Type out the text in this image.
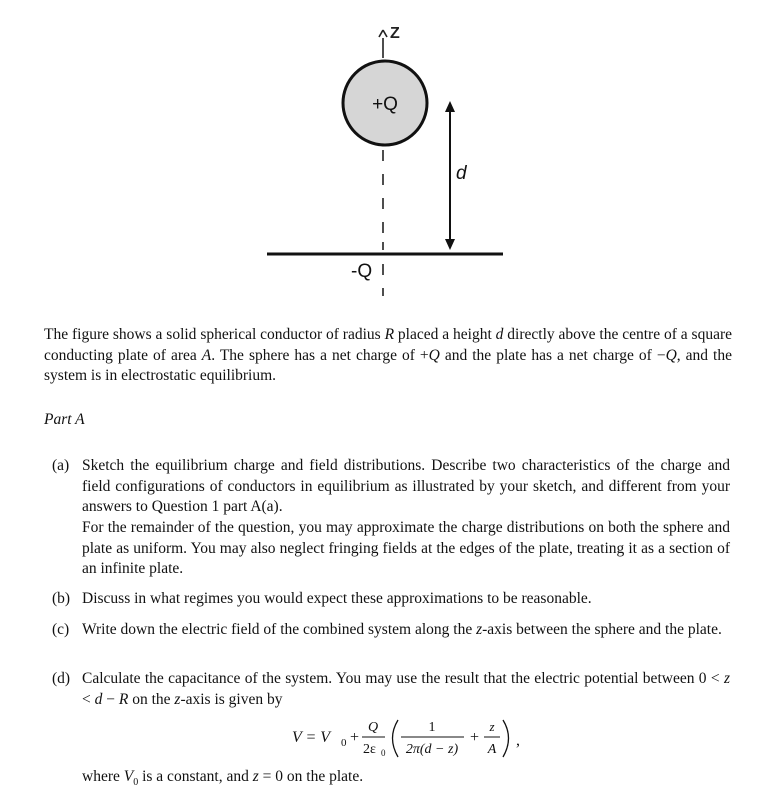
Z
+Q
-Q
d
The figure shows a solid spherical conductor of radius R placed a height d directly above the centre of a square conducting plate of area A. The sphere has a net charge of +Q and the plate has a net charge of −Q, and the system is in electrostatic equilibrium.
Part A
(a) Sketch the equilibrium charge and field distributions. Describe two characteristics of the charge and field configurations of conductors in equilibrium as illustrated by your sketch, and different from your answers to Question 1 part A(a).
For the remainder of the question, you may approximate the charge distributions on both the sphere and plate as uniform. You may also neglect fringing fields at the edges of the plate, treating it as a section of an infinite plate.
(b) Discuss in what regimes you would expect these approximations to be reasonable.
(c) Write down the electric field of the combined system along the z-axis between the sphere and the plate.
(d) Calculate the capacitance of the system. You may use the result that the electric potential between 0 < z < d − R on the z-axis is given by
V = V 0 +
Q
2ε 0
1
2π(d − z)
+
z
A
,
where $V_0$ is a constant, and z = 0 on the plate.
